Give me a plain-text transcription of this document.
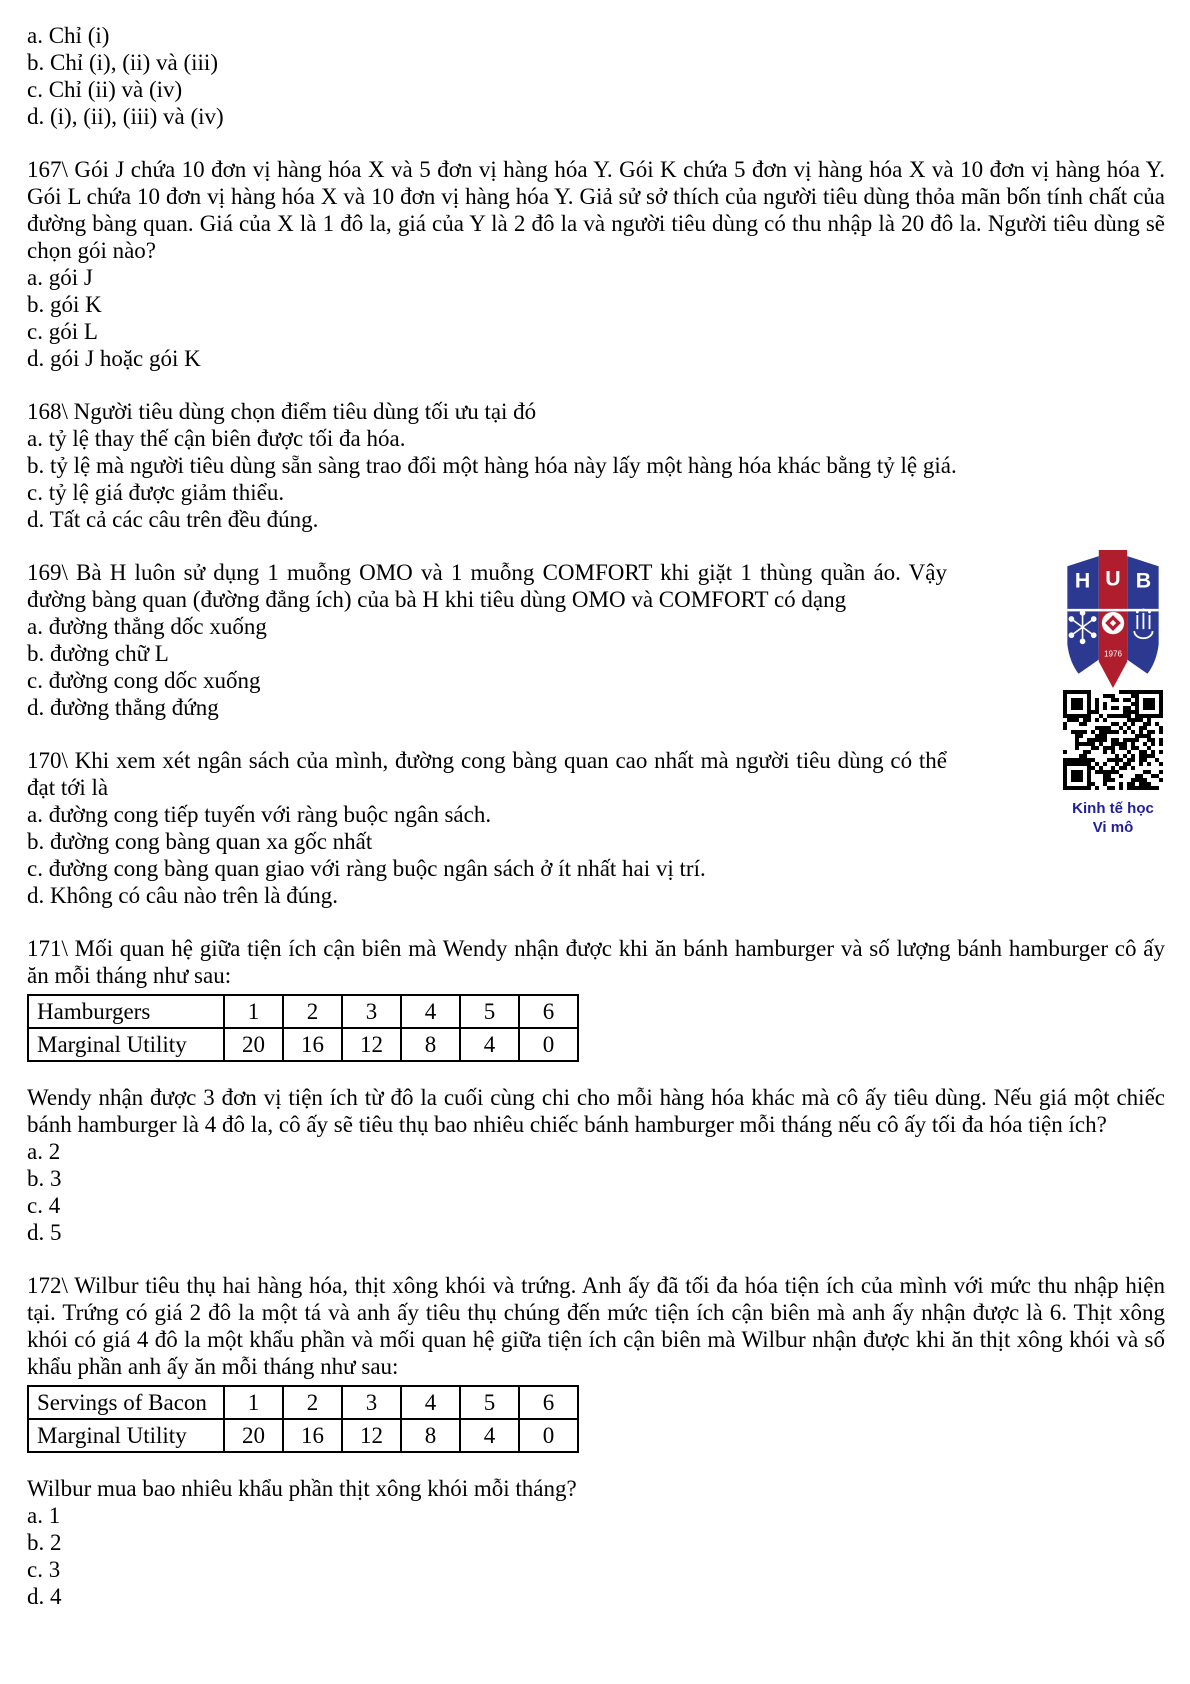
a. Chỉ (i)
b. Chỉ (i), (ii) và (iii)
c. Chỉ (ii) và (iv)
d. (i), (ii), (iii) và (iv)

167\ Gói J chứa 10 đơn vị hàng hóa X và 5 đơn vị hàng hóa Y. Gói K chứa 5 đơn vị hàng hóa X và 10 đơn vị hàng hóa Y. Gói L chứa 10 đơn vị hàng hóa X và 10 đơn vị hàng hóa Y. Giả sử sở thích của người tiêu dùng thỏa mãn bốn tính chất của đường bàng quan. Giá của X là 1 đô la, giá của Y là 2 đô la và người tiêu dùng có thu nhập là 20 đô la. Người tiêu dùng sẽ chọn gói nào?

a. gói J
b. gói K
c. gói L
d. gói J hoặc gói K

168\ Người tiêu dùng chọn điểm tiêu dùng tối ưu tại đó

a. tỷ lệ thay thế cận biên được tối đa hóa.
b. tỷ lệ mà người tiêu dùng sẵn sàng trao đổi một hàng hóa này lấy một hàng hóa khác bằng tỷ lệ giá.
c. tỷ lệ giá được giảm thiểu.
d. Tất cả các câu trên đều đúng.

169\ Bà H luôn sử dụng 1 muỗng OMO và 1 muỗng COMFORT khi giặt 1 thùng quần áo. Vậy đường bàng quan (đường đẳng ích) của bà H khi tiêu dùng OMO và COMFORT có dạng

a. đường thẳng dốc xuống
b. đường chữ L
c. đường cong dốc xuống
d. đường thẳng đứng

170\ Khi xem xét ngân sách của mình, đường cong bàng quan cao nhất mà người tiêu dùng có thể đạt tới là

a. đường cong tiếp tuyến với ràng buộc ngân sách.
b. đường cong bàng quan xa gốc nhất
c. đường cong bàng quan giao với ràng buộc ngân sách ở ít nhất hai vị trí.
d. Không có câu nào trên là đúng.

171\ Mối quan hệ giữa tiện ích cận biên mà Wendy nhận được khi ăn bánh hamburger và số lượng bánh hamburger cô ấy ăn mỗi tháng như sau:

Hamburgers	1	2	3	4	5	6
Marginal Utility	20	16	12	8	4	0

Wendy nhận được 3 đơn vị tiện ích từ đô la cuối cùng chi cho mỗi hàng hóa khác mà cô ấy tiêu dùng. Nếu giá một chiếc bánh hamburger là 4 đô la, cô ấy sẽ tiêu thụ bao nhiêu chiếc bánh hamburger mỗi tháng nếu cô ấy tối đa hóa tiện ích?

a. 2
b. 3
c. 4
d. 5

172\ Wilbur tiêu thụ hai hàng hóa, thịt xông khói và trứng. Anh ấy đã tối đa hóa tiện ích của mình với mức thu nhập hiện tại. Trứng có giá 2 đô la một tá và anh ấy tiêu thụ chúng đến mức tiện ích cận biên mà anh ấy nhận được là 6. Thịt xông khói có giá 4 đô la một khẩu phần và mối quan hệ giữa tiện ích cận biên mà Wilbur nhận được khi ăn thịt xông khói và số khẩu phần anh ấy ăn mỗi tháng như sau:

Servings of Bacon	1	2	3	4	5	6
Marginal Utility	20	16	12	8	4	0

Wilbur mua bao nhiêu khẩu phần thịt xông khói mỗi tháng?

a. 1
b. 2
c. 3
d. 4
H U B
1976
Kinh tế học
Vi mô
